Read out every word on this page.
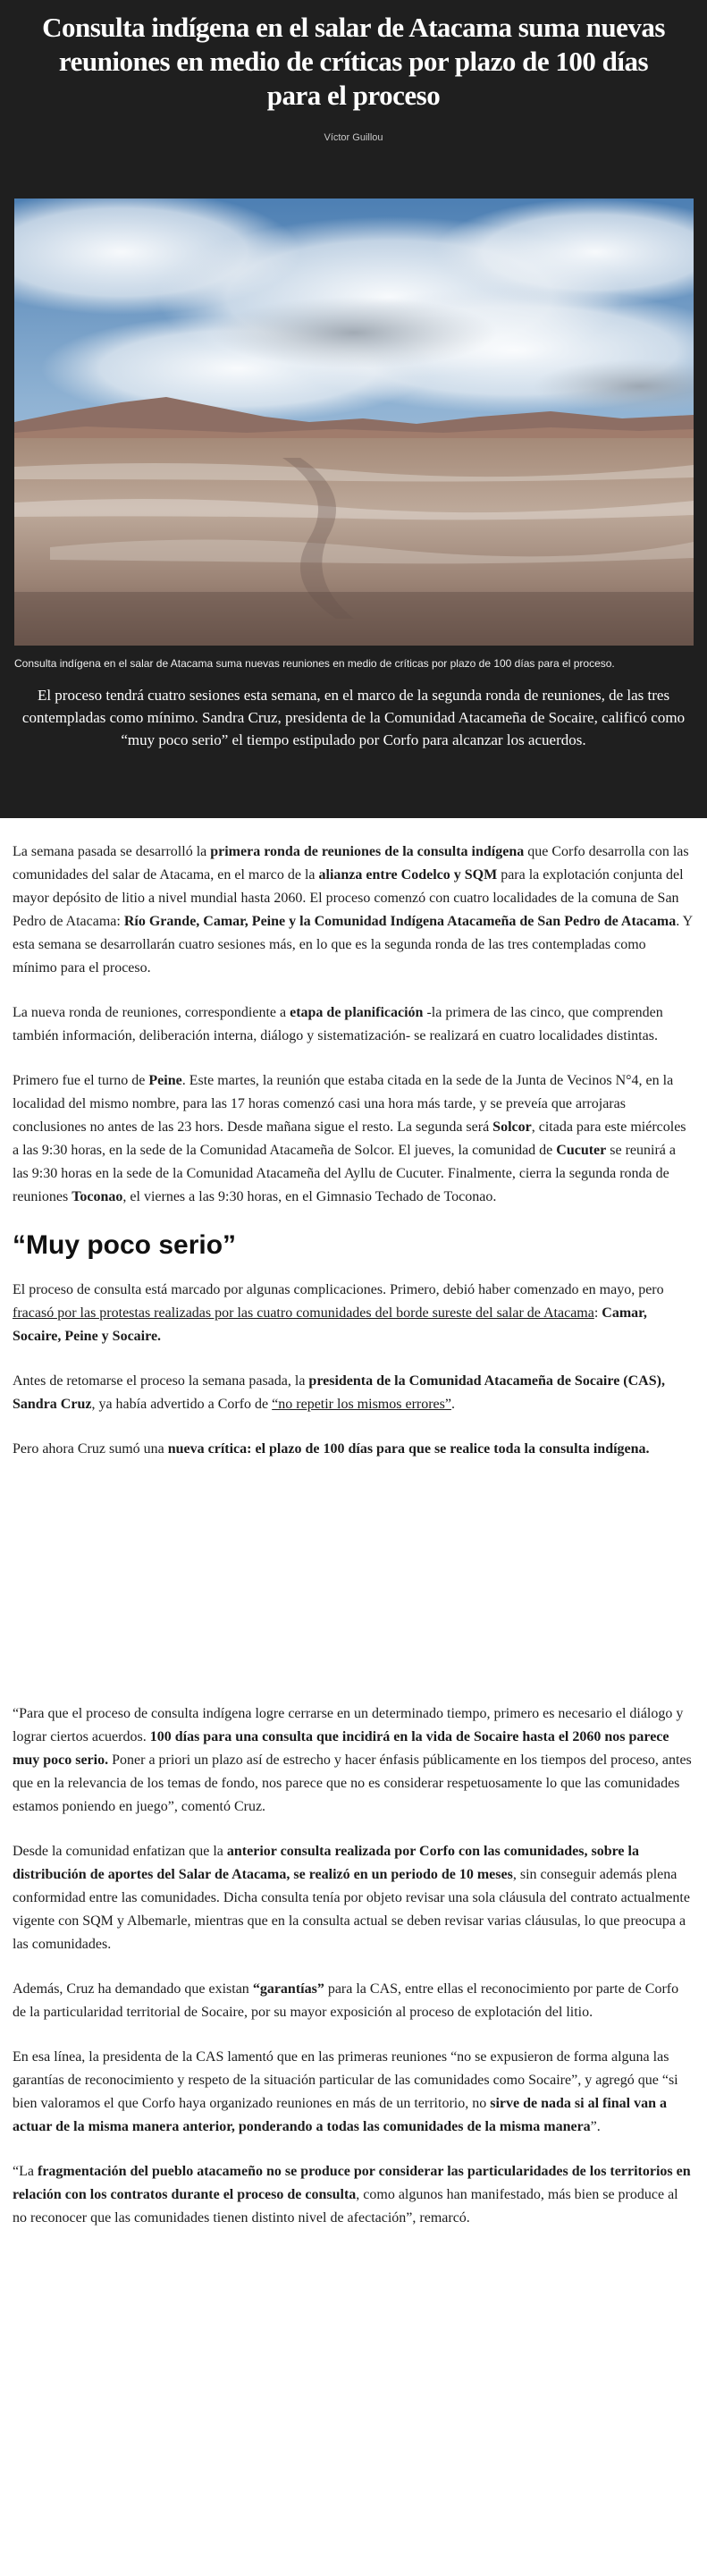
Consulta indígena en el salar de Atacama suma nuevas reuniones en medio de críticas por plazo de 100 días para el proceso
Víctor Guillou
Consulta indígena en el salar de Atacama suma nuevas reuniones en medio de críticas por plazo de 100 días para el proceso.

El proceso tendrá cuatro sesiones esta semana, en el marco de la segunda ronda de reuniones, de las tres contempladas como mínimo. Sandra Cruz, presidenta de la Comunidad Atacameña de Socaire, calificó como “muy poco serio” el tiempo estipulado por Corfo para alcanzar los acuerdos.

La semana pasada se desarrolló la primera ronda de reuniones de la consulta indígena que Corfo desarrolla con las comunidades del salar de Atacama, en el marco de la alianza entre Codelco y SQM para la explotación conjunta del mayor depósito de litio a nivel mundial hasta 2060. El proceso comenzó con cuatro localidades de la comuna de San Pedro de Atacama: Río Grande, Camar, Peine y la Comunidad Indígena Atacameña de San Pedro de Atacama. Y esta semana se desarrollarán cuatro sesiones más, en lo que es la segunda ronda de las tres contempladas como mínimo para el proceso.

La nueva ronda de reuniones, correspondiente a etapa de planificación -la primera de las cinco, que comprenden también información, deliberación interna, diálogo y sistematización- se realizará en cuatro localidades distintas.

Primero fue el turno de Peine. Este martes, la reunión que estaba citada en la sede de la Junta de Vecinos N°4, en la localidad del mismo nombre, para las 17 horas comenzó casi una hora más tarde, y se preveía que arrojaras conclusiones no antes de las 23 hors. Desde mañana sigue el resto. La segunda será Solcor, citada para este miércoles a las 9:30 horas, en la sede de la Comunidad Atacameña de Solcor. El jueves, la comunidad de Cucuter se reunirá a las 9:30 horas en la sede de la Comunidad Atacameña del Ayllu de Cucuter. Finalmente, cierra la segunda ronda de reuniones Toconao, el viernes a las 9:30 horas, en el Gimnasio Techado de Toconao.

“Muy poco serio”

El proceso de consulta está marcado por algunas complicaciones. Primero, debió haber comenzado en mayo, pero fracasó por las protestas realizadas por las cuatro comunidades del borde sureste del salar de Atacama: Camar, Socaire, Peine y Socaire.

Antes de retomarse el proceso la semana pasada, la presidenta de la Comunidad Atacameña de Socaire (CAS), Sandra Cruz, ya había advertido a Corfo de “no repetir los mismos errores”.

Pero ahora Cruz sumó una nueva crítica: el plazo de 100 días para que se realice toda la consulta indígena.

“Para que el proceso de consulta indígena logre cerrarse en un determinado tiempo, primero es necesario el diálogo y lograr ciertos acuerdos. 100 días para una consulta que incidirá en la vida de Socaire hasta el 2060 nos parece muy poco serio. Poner a priori un plazo así de estrecho y hacer énfasis públicamente en los tiempos del proceso, antes que en la relevancia de los temas de fondo, nos parece que no es considerar respetuosamente lo que las comunidades estamos poniendo en juego”, comentó Cruz.

Desde la comunidad enfatizan que la anterior consulta realizada por Corfo con las comunidades, sobre la distribución de aportes del Salar de Atacama, se realizó en un periodo de 10 meses, sin conseguir además plena conformidad entre las comunidades. Dicha consulta tenía por objeto revisar una sola cláusula del contrato actualmente vigente con SQM y Albemarle, mientras que en la consulta actual se deben revisar varias cláusulas, lo que preocupa a las comunidades.

Además, Cruz ha demandado que existan “garantías” para la CAS, entre ellas el reconocimiento por parte de Corfo de la particularidad territorial de Socaire, por su mayor exposición al proceso de explotación del litio.

En esa línea, la presidenta de la CAS lamentó que en las primeras reuniones “no se expusieron de forma alguna las garantías de reconocimiento y respeto de la situación particular de las comunidades como Socaire”, y agregó que “si bien valoramos el que Corfo haya organizado reuniones en más de un territorio, no sirve de nada si al final van a actuar de la misma manera anterior, ponderando a todas las comunidades de la misma manera”.

“La fragmentación del pueblo atacameño no se produce por considerar las particularidades de los territorios en relación con los contratos durante el proceso de consulta, como algunos han manifestado, más bien se produce al no reconocer que las comunidades tienen distinto nivel de afectación”, remarcó.
